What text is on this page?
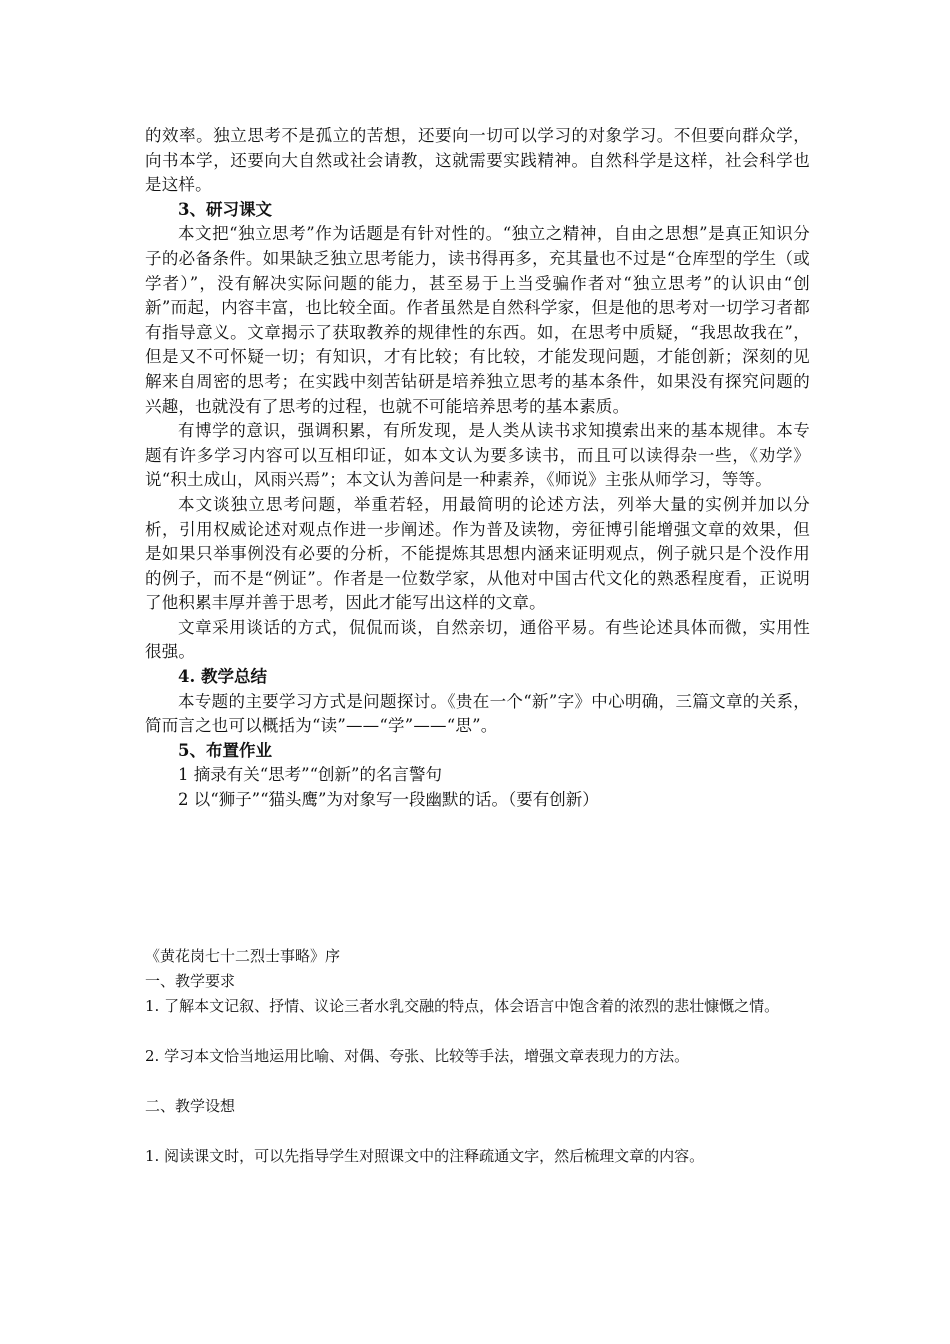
的效率。独立思考不是孤立的苦想，还要向一切可以学习的对象学习。不但要向群众学，向书本学，还要向大自然或社会请教，这就需要实践精神。自然科学是这样，社会科学也是这样。

3、研习课文

本文把“独立思考”作为话题是有针对性的。“独立之精神，自由之思想”是真正知识分子的必备条件。如果缺乏独立思考能力，读书得再多，充其量也不过是“仓库型的学生（或学者）”，没有解决实际问题的能力，甚至易于上当受骗作者对“独立思考”的认识由“创新”而起，内容丰富，也比较全面。作者虽然是自然科学家，但是他的思考对一切学习者都有指导意义。文章揭示了获取教养的规律性的东西。如，在思考中质疑，“我思故我在”，但是又不可怀疑一切；有知识，才有比较；有比较，才能发现问题，才能创新；深刻的见解来自周密的思考；在实践中刻苦钻研是培养独立思考的基本条件，如果没有探究问题的兴趣，也就没有了思考的过程，也就不可能培养思考的基本素质。

有博学的意识，强调积累，有所发现，是人类从读书求知摸索出来的基本规律。本专题有许多学习内容可以互相印证，如本文认为要多读书，而且可以读得杂一些，《劝学》说“积土成山，风雨兴焉”；本文认为善问是一种素养，《师说》主张从师学习，等等。

本文谈独立思考问题，举重若轻，用最简明的论述方法，列举大量的实例并加以分析，引用权威论述对观点作进一步阐述。作为普及读物，旁征博引能增强文章的效果，但是如果只举事例没有必要的分析，不能提炼其思想内涵来证明观点，例子就只是个没作用的例子，而不是“例证”。作者是一位数学家，从他对中国古代文化的熟悉程度看，正说明了他积累丰厚并善于思考，因此才能写出这样的文章。

文章采用谈话的方式，侃侃而谈，自然亲切，通俗平易。有些论述具体而微，实用性很强。

4. 教学总结

本专题的主要学习方式是问题探讨。《贵在一个“新”字》中心明确，三篇文章的关系，简而言之也可以概括为“读”——“学”——“思”。

5、布置作业

1 摘录有关“思考”“创新”的名言警句

2 以“狮子”“猫头鹰”为对象写一段幽默的话。（要有创新）

《黄花岗七十二烈士事略》序

一、教学要求

1. 了解本文记叙、抒情、议论三者水乳交融的特点，体会语言中饱含着的浓烈的悲壮慷慨之情。

2. 学习本文恰当地运用比喻、对偶、夸张、比较等手法，增强文章表现力的方法。

二、教学设想

1. 阅读课文时，可以先指导学生对照课文中的注释疏通文字，然后梳理文章的内容。
